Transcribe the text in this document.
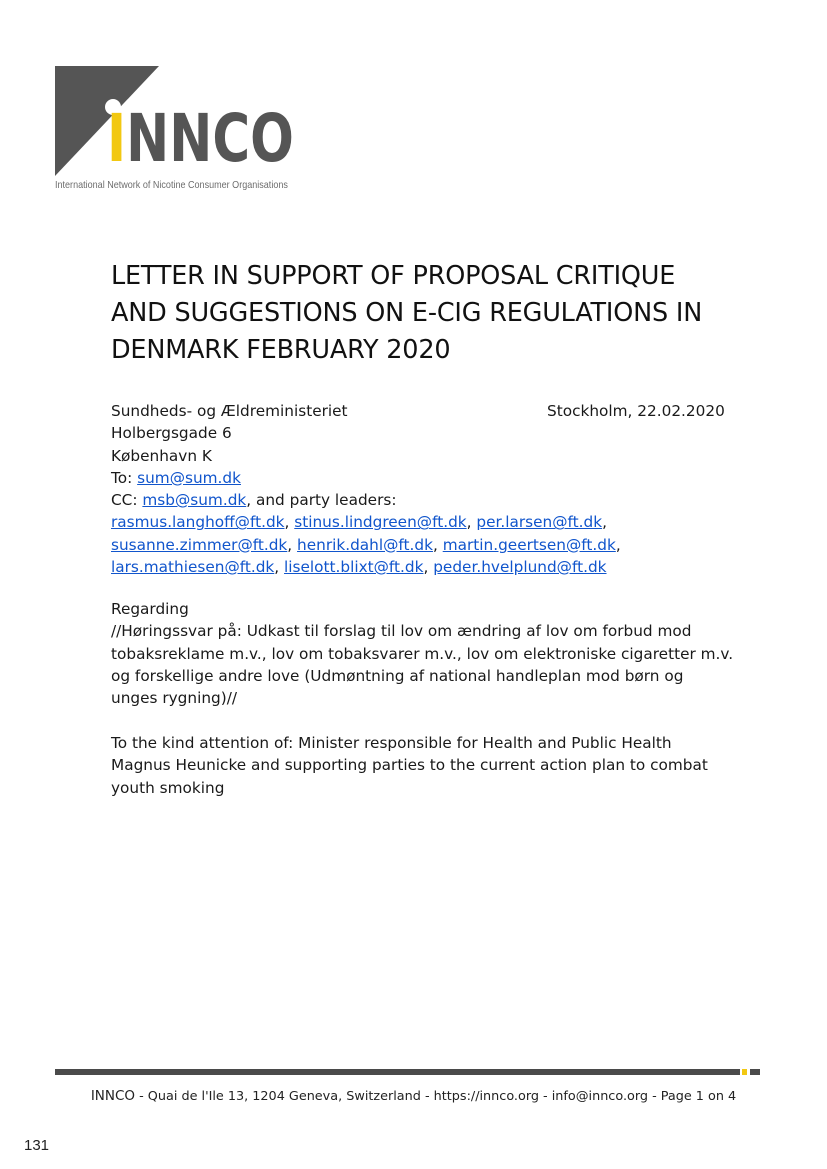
INNCO
International Network of Nicotine Consumer Organisations
LETTER IN SUPPORT OF PROPOSAL CRITIQUE
AND SUGGESTIONS ON E-CIG REGULATIONS IN
DENMARK FEBRUARY 2020
Stockholm, 22.02.2020
Sundheds- og Ældreministeriet
Holbergsgade 6
København K
To: sum@sum.dk
CC: msb@sum.dk, and party leaders:
rasmus.langhoff@ft.dk, stinus.lindgreen@ft.dk, per.larsen@ft.dk,
susanne.zimmer@ft.dk, henrik.dahl@ft.dk, martin.geertsen@ft.dk,
lars.mathiesen@ft.dk, liselott.blixt@ft.dk, peder.hvelplund@ft.dk
Regarding
//Høringssvar på: Udkast til forslag til lov om ændring af lov om forbud mod
tobaksreklame m.v., lov om tobaksvarer m.v., lov om elektroniske cigaretter m.v.
og forskellige andre love (Udmøntning af national handleplan mod børn og
unges rygning)//
To the kind attention of: Minister responsible for Health and Public Health
Magnus Heunicke and supporting parties to the current action plan to combat
youth smoking
INNCO - Quai de l'Ile 13, 1204 Geneva, Switzerland - https://innco.org - info@innco.org - Page 1 on 4
131
